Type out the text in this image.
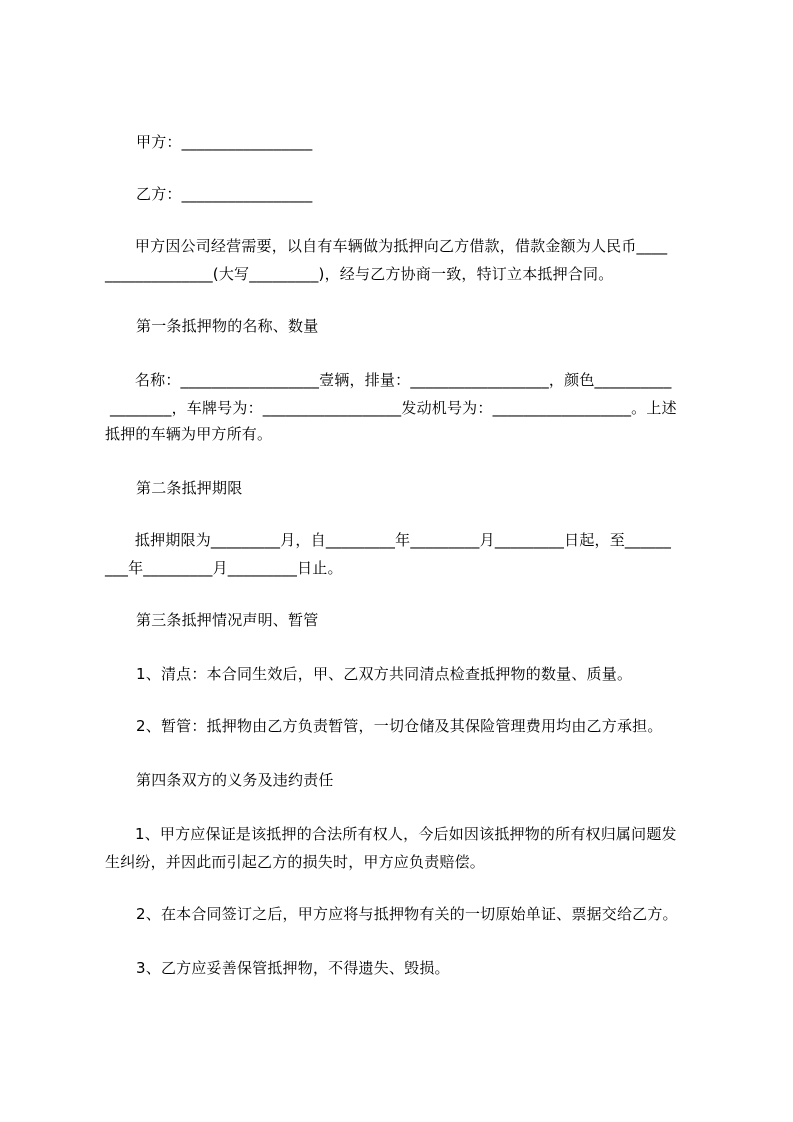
甲方：_________________
乙方：_________________
甲方因公司经营需要，以自有车辆做为抵押向乙方借款，借款金额为人民币____
______________(大写_________)，经与乙方协商一致，特订立本抵押合同。
第一条抵押物的名称、数量
名称：__________________壹辆，排量：__________________，颜色__________
________，车牌号为：__________________发动机号为：__________________。上述
抵押的车辆为甲方所有。
第二条抵押期限
抵押期限为_________月，自_________年_________月_________日起，至______
___年_________月_________日止。
第三条抵押情况声明、暂管
1、清点：本合同生效后，甲、乙双方共同清点检查抵押物的数量、质量。
2、暂管：抵押物由乙方负责暂管，一切仓储及其保险管理费用均由乙方承担。
第四条双方的义务及违约责任
1、甲方应保证是该抵押的合法所有权人，今后如因该抵押物的所有权归属问题发
生纠纷，并因此而引起乙方的损失时，甲方应负责赔偿。
2、在本合同签订之后，甲方应将与抵押物有关的一切原始单证、票据交给乙方。
3、乙方应妥善保管抵押物，不得遗失、毁损。
